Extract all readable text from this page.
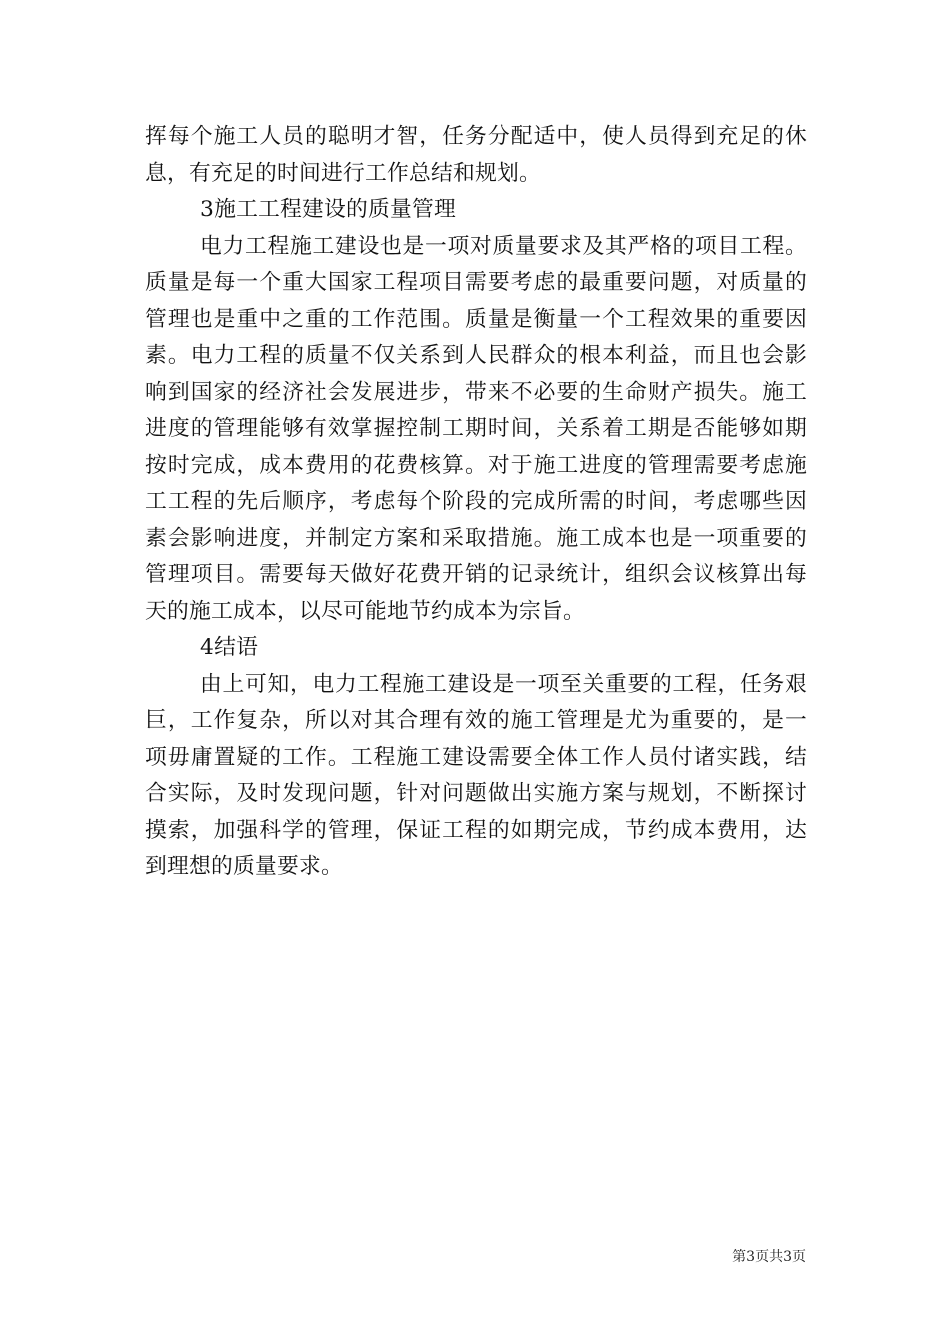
挥每个施工人员的聪明才智，任务分配适中，使人员得到充足的休
息，有充足的时间进行工作总结和规划。
3施工工程建设的质量管理
电力工程施工建设也是一项对质量要求及其严格的项目工程。
质量是每一个重大国家工程项目需要考虑的最重要问题，对质量的
管理也是重中之重的工作范围。质量是衡量一个工程效果的重要因
素。电力工程的质量不仅关系到人民群众的根本利益，而且也会影
响到国家的经济社会发展进步，带来不必要的生命财产损失。施工
进度的管理能够有效掌握控制工期时间，关系着工期是否能够如期
按时完成，成本费用的花费核算。对于施工进度的管理需要考虑施
工工程的先后顺序，考虑每个阶段的完成所需的时间，考虑哪些因
素会影响进度，并制定方案和采取措施。施工成本也是一项重要的
管理项目。需要每天做好花费开销的记录统计，组织会议核算出每
天的施工成本，以尽可能地节约成本为宗旨。
4结语
由上可知，电力工程施工建设是一项至关重要的工程，任务艰
巨，工作复杂，所以对其合理有效的施工管理是尤为重要的，是一
项毋庸置疑的工作。工程施工建设需要全体工作人员付诸实践，结
合实际，及时发现问题，针对问题做出实施方案与规划，不断探讨
摸索，加强科学的管理，保证工程的如期完成，节约成本费用，达
到理想的质量要求。
第3页共3页
